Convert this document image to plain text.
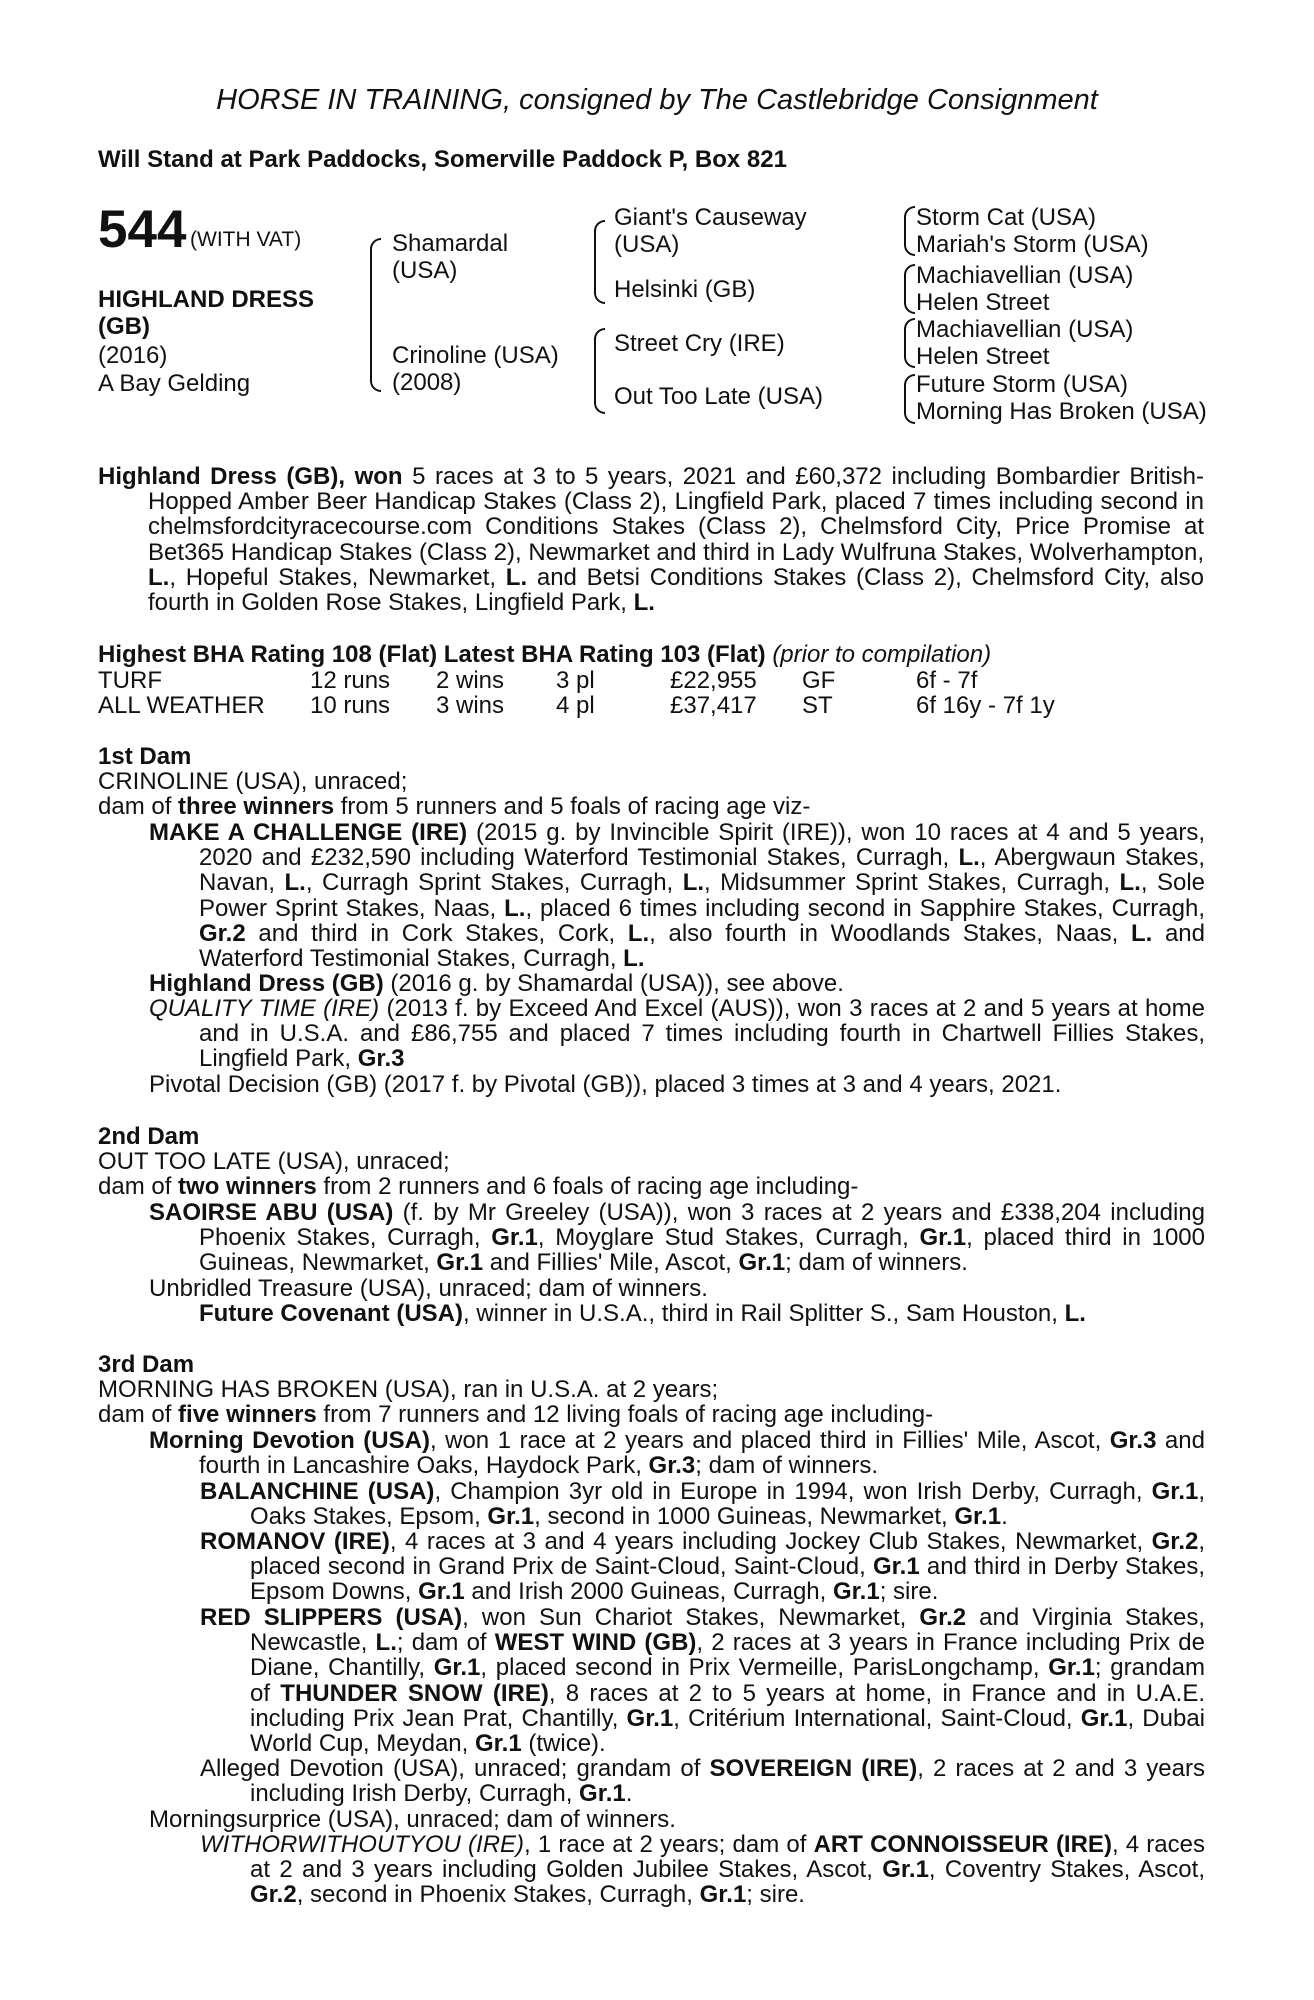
HORSE IN TRAINING, consigned by The Castlebridge Consignment
Will Stand at Park Paddocks, Somerville Paddock P, Box 821
544 (WITH VAT)
HIGHLAND DRESS (GB)
(2016)
A Bay Gelding
Shamardal (USA)
Crinoline (USA) (2008)
Giant's Causeway (USA)
Helsinki (GB)
Street Cry (IRE)
Out Too Late (USA)
Storm Cat (USA)
Mariah's Storm (USA)
Machiavellian (USA)
Helen Street
Machiavellian (USA)
Helen Street
Future Storm (USA)
Morning Has Broken (USA)
Highland Dress (GB), won 5 races at 3 to 5 years, 2021 and £60,372 including Bombardier British-Hopped Amber Beer Handicap Stakes (Class 2), Lingfield Park, placed 7 times including second in chelmsfordcityracecourse.com Conditions Stakes (Class 2), Chelmsford City, Price Promise at Bet365 Handicap Stakes (Class 2), Newmarket and third in Lady Wulfruna Stakes, Wolverhampton, L., Hopeful Stakes, Newmarket, L. and Betsi Conditions Stakes (Class 2), Chelmsford City, also fourth in Golden Rose Stakes, Lingfield Park, L.
Highest BHA Rating 108 (Flat) Latest BHA Rating 103 (Flat) (prior to compilation)
TURF	12 runs 2 wins 3 pl	£22,955 GF	6f - 7f
ALL WEATHER 10 runs 3 wins 4 pl	£37,417 ST	6f 16y - 7f 1y
1st Dam
CRINOLINE (USA), unraced;
dam of three winners from 5 runners and 5 foals of racing age viz-
MAKE A CHALLENGE (IRE) (2015 g. by Invincible Spirit (IRE)), won 10 races at 4 and 5 years, 2020 and £232,590 including Waterford Testimonial Stakes, Curragh, L., Abergwaun Stakes, Navan, L., Curragh Sprint Stakes, Curragh, L., Midsummer Sprint Stakes, Curragh, L., Sole Power Sprint Stakes, Naas, L., placed 6 times including second in Sapphire Stakes, Curragh, Gr.2 and third in Cork Stakes, Cork, L., also fourth in Woodlands Stakes, Naas, L. and Waterford Testimonial Stakes, Curragh, L.
Highland Dress (GB) (2016 g. by Shamardal (USA)), see above.
QUALITY TIME (IRE) (2013 f. by Exceed And Excel (AUS)), won 3 races at 2 and 5 years at home and in U.S.A. and £86,755 and placed 7 times including fourth in Chartwell Fillies Stakes, Lingfield Park, Gr.3
Pivotal Decision (GB) (2017 f. by Pivotal (GB)), placed 3 times at 3 and 4 years, 2021.
2nd Dam
OUT TOO LATE (USA), unraced;
dam of two winners from 2 runners and 6 foals of racing age including-
SAOIRSE ABU (USA) (f. by Mr Greeley (USA)), won 3 races at 2 years and £338,204 including Phoenix Stakes, Curragh, Gr.1, Moyglare Stud Stakes, Curragh, Gr.1, placed third in 1000 Guineas, Newmarket, Gr.1 and Fillies' Mile, Ascot, Gr.1; dam of winners.
Unbridled Treasure (USA), unraced; dam of winners.
Future Covenant (USA), winner in U.S.A., third in Rail Splitter S., Sam Houston, L.
3rd Dam
MORNING HAS BROKEN (USA), ran in U.S.A. at 2 years;
dam of five winners from 7 runners and 12 living foals of racing age including-
Morning Devotion (USA), won 1 race at 2 years and placed third in Fillies' Mile, Ascot, Gr.3 and fourth in Lancashire Oaks, Haydock Park, Gr.3; dam of winners.
BALANCHINE (USA), Champion 3yr old in Europe in 1994, won Irish Derby, Curragh, Gr.1, Oaks Stakes, Epsom, Gr.1, second in 1000 Guineas, Newmarket, Gr.1.
ROMANOV (IRE), 4 races at 3 and 4 years including Jockey Club Stakes, Newmarket, Gr.2, placed second in Grand Prix de Saint-Cloud, Saint-Cloud, Gr.1 and third in Derby Stakes, Epsom Downs, Gr.1 and Irish 2000 Guineas, Curragh, Gr.1; sire.
RED SLIPPERS (USA), won Sun Chariot Stakes, Newmarket, Gr.2 and Virginia Stakes, Newcastle, L.; dam of WEST WIND (GB), 2 races at 3 years in France including Prix de Diane, Chantilly, Gr.1, placed second in Prix Vermeille, ParisLongchamp, Gr.1; grandam of THUNDER SNOW (IRE), 8 races at 2 to 5 years at home, in France and in U.A.E. including Prix Jean Prat, Chantilly, Gr.1, Critérium International, Saint-Cloud, Gr.1, Dubai World Cup, Meydan, Gr.1 (twice).
Alleged Devotion (USA), unraced; grandam of SOVEREIGN (IRE), 2 races at 2 and 3 years including Irish Derby, Curragh, Gr.1.
Morningsurprice (USA), unraced; dam of winners.
WITHORWITHOUTYOU (IRE), 1 race at 2 years; dam of ART CONNOISSEUR (IRE), 4 races at 2 and 3 years including Golden Jubilee Stakes, Ascot, Gr.1, Coventry Stakes, Ascot, Gr.2, second in Phoenix Stakes, Curragh, Gr.1; sire.
